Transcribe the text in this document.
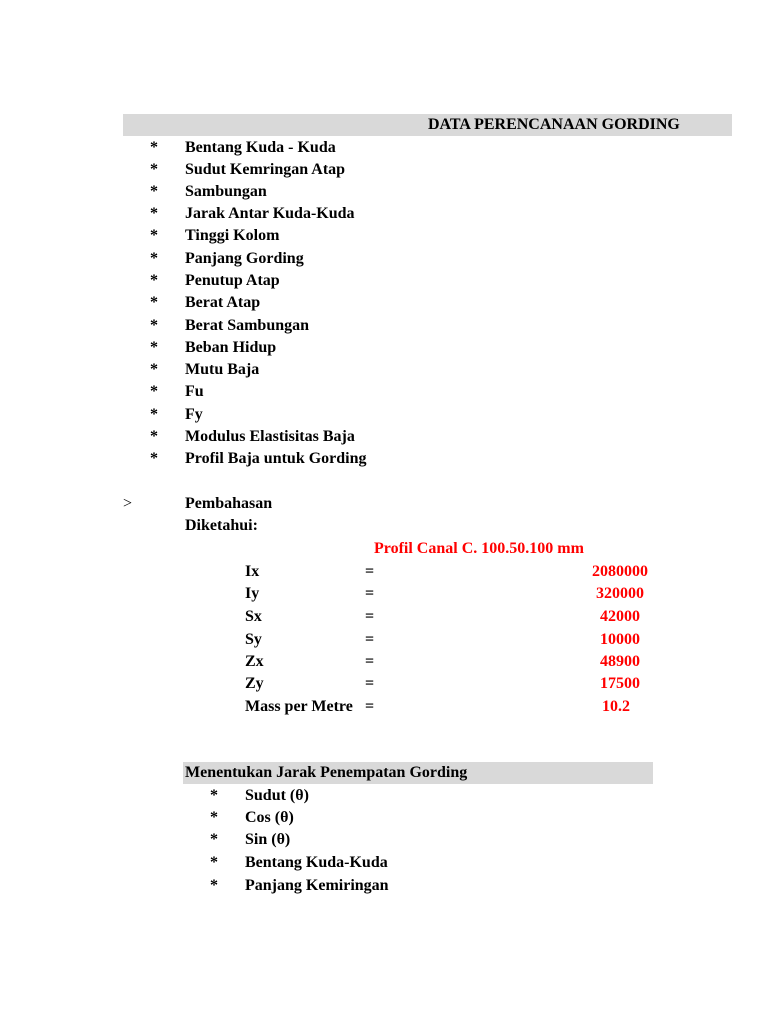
DATA PERENCANAAN GORDING
* Bentang Kuda - Kuda
* Sudut Kemringan Atap
* Sambungan
* Jarak Antar Kuda-Kuda
* Tinggi Kolom
* Panjang Gording
* Penutup Atap
* Berat Atap
* Berat Sambungan
* Beban Hidup
* Mutu Baja
* Fu
* Fy
* Modulus Elastisitas Baja
* Profil Baja untuk Gording
>	Pembahasan
Diketahui:
Profil Canal C. 100.50.100 mm
Ix	=	2080000
Iy	=	320000
Sx	=	42000
Sy	=	10000
Zx	=	48900
Zy	=	17500
Mass per Metre =	10.2
Menentukan Jarak Penempatan Gording
* Sudut (θ)
* Cos (θ)
* Sin (θ)
* Bentang Kuda-Kuda
* Panjang Kemiringan
